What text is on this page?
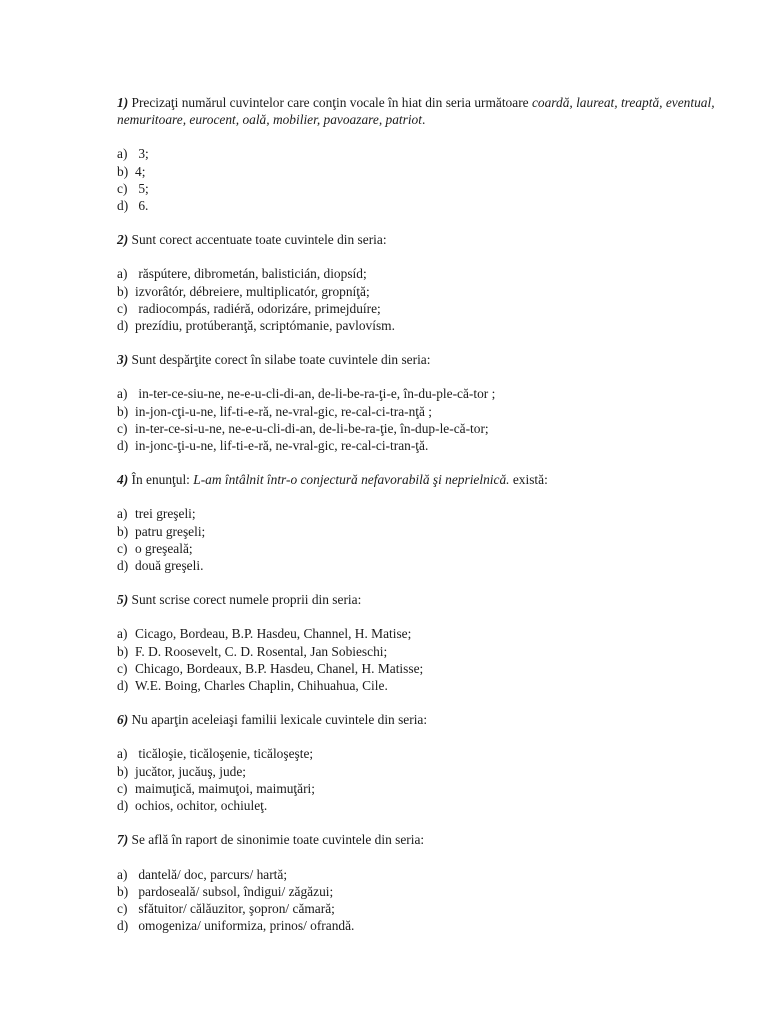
1) Precizaţi numărul cuvintelor care conţin vocale în hiat din seria următoare coardă, laureat, treaptă, eventual, nemuritoare, eurocent, oală, mobilier, pavoazare, patriot.

a) 3;
b) 4;
c) 5;
d) 6.

2) Sunt corect accentuate toate cuvintele din seria:

a) răspútere, dibrometán, balisticián, diopsíd;
b) izvorâtór, débreiere, multiplicatór, gropníţă;
c) radiocompás, radiéră, odorizáre, primejduíre;
d) prezídiu, protúberanţă, scriptómanie, pavlovísm.

3) Sunt despărţite corect în silabe toate cuvintele din seria:

a) in-ter-ce-siu-ne, ne-e-u-cli-di-an, de-li-be-ra-ţi-e, în-du-ple-că-tor ;
b) in-jon-cţi-u-ne, lif-ti-e-ră, ne-vral-gic, re-cal-ci-tra-nţă ;
c) in-ter-ce-si-u-ne, ne-e-u-cli-di-an, de-li-be-ra-ţie, în-dup-le-că-tor;
d) in-jonc-ţi-u-ne, lif-ti-e-ră, ne-vral-gic, re-cal-ci-tran-ţă.

4) În enunţul: L-am întâlnit într-o conjectură nefavorabilă şi neprielnică. există:

a) trei greşeli;
b) patru greşeli;
c) o greşeală;
d) două greşeli.

5) Sunt scrise corect numele proprii din seria:

a) Cicago, Bordeau, B.P. Hasdeu, Channel, H. Matise;
b) F. D. Roosevelt, C. D. Rosental, Jan Sobieschi;
c) Chicago, Bordeaux, B.P. Hasdeu, Chanel, H. Matisse;
d) W.E. Boing, Charles Chaplin, Chihuahua, Cile.

6) Nu aparţin aceleiaşi familii lexicale cuvintele din seria:

a) ticăloşie, ticăloşenie, ticăloşeşte;
b) jucător, jucăuş, jude;
c) maimuţică, maimuţoi, maimuţări;
d) ochios, ochitor, ochiuleţ.

7) Se află în raport de sinonimie toate cuvintele din seria:

a) dantelă/ doc, parcurs/ hartă;
b) pardoseală/ subsol, îndigui/ zăgăzui;
c) sfătuitor/ călăuzitor, şopron/ cămară;
d) omogeniza/ uniformiza, prinos/ ofrandă.
